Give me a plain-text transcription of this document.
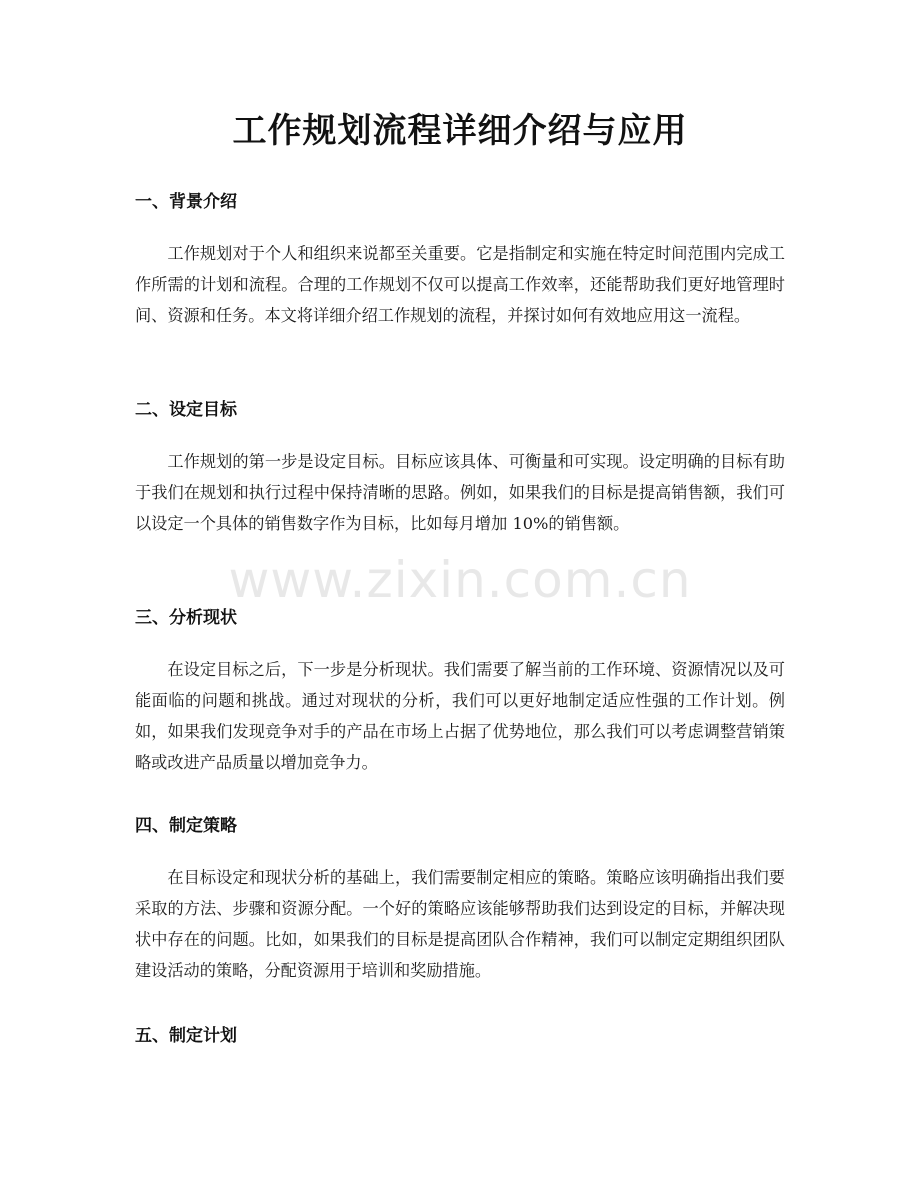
工作规划流程详细介绍与应用
一、背景介绍

工作规划对于个人和组织来说都至关重要。它是指制定和实施在特定时间范围内完成工作所需的计划和流程。合理的工作规划不仅可以提高工作效率，还能帮助我们更好地管理时间、资源和任务。本文将详细介绍工作规划的流程，并探讨如何有效地应用这一流程。

二、设定目标

工作规划的第一步是设定目标。目标应该具体、可衡量和可实现。设定明确的目标有助于我们在规划和执行过程中保持清晰的思路。例如，如果我们的目标是提高销售额，我们可以设定一个具体的销售数字作为目标，比如每月增加 10%的销售额。

三、分析现状

在设定目标之后，下一步是分析现状。我们需要了解当前的工作环境、资源情况以及可能面临的问题和挑战。通过对现状的分析，我们可以更好地制定适应性强的工作计划。例如，如果我们发现竞争对手的产品在市场上占据了优势地位，那么我们可以考虑调整营销策略或改进产品质量以增加竞争力。

四、制定策略

在目标设定和现状分析的基础上，我们需要制定相应的策略。策略应该明确指出我们要采取的方法、步骤和资源分配。一个好的策略应该能够帮助我们达到设定的目标，并解决现状中存在的问题。比如，如果我们的目标是提高团队合作精神，我们可以制定定期组织团队建设活动的策略，分配资源用于培训和奖励措施。

五、制定计划
www.zixin.com.cn
